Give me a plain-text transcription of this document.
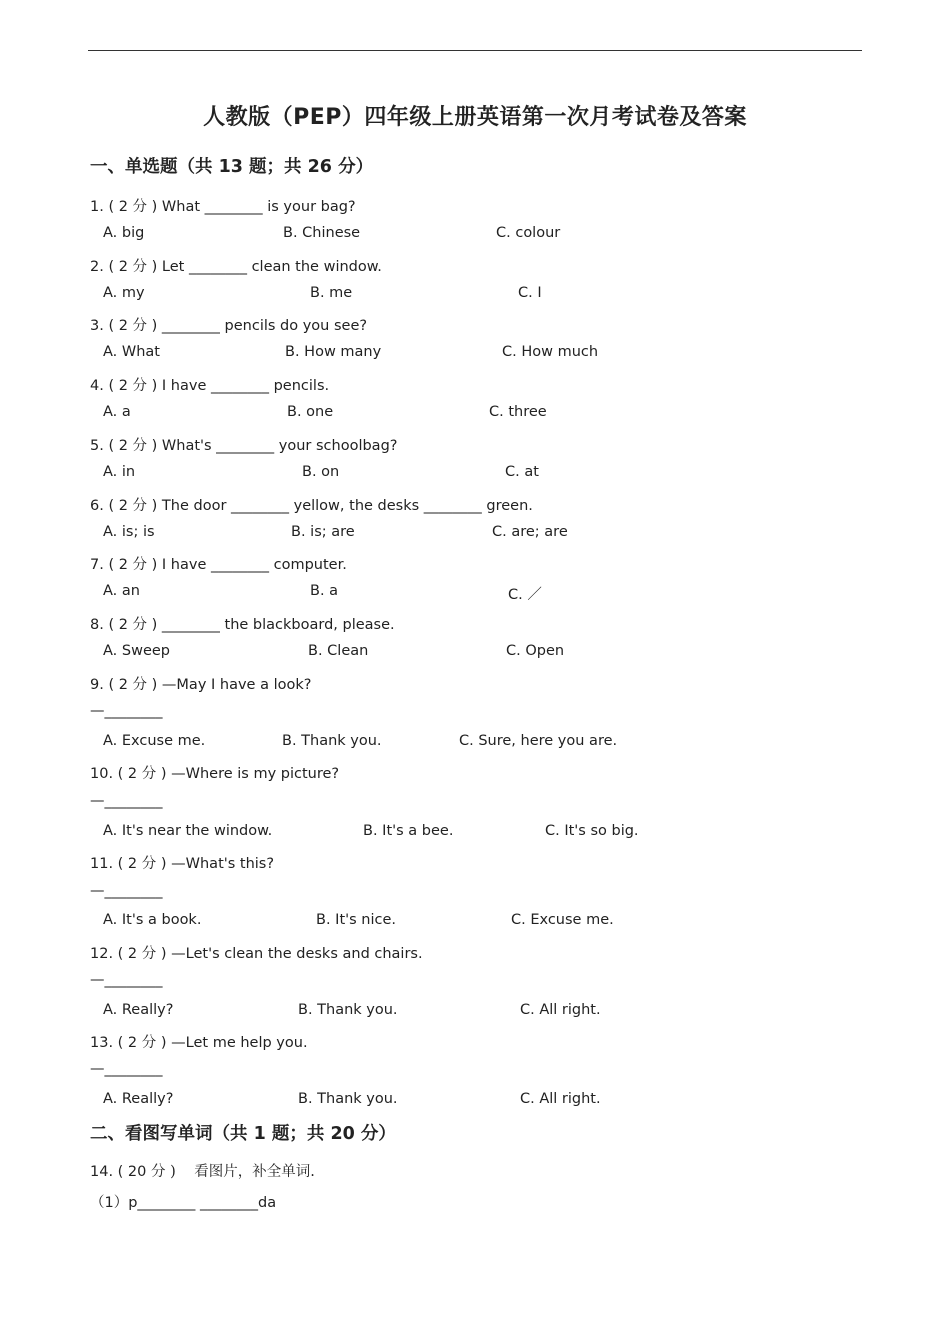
人教版（PEP）四年级上册英语第一次月考试卷及答案
一、单选题（共 13 题；共 26 分）
1. ( 2 分 ) What ________ is your bag?
A. big	B. Chinese	C. colour
2. ( 2 分 ) Let ________ clean the window.
A. my	B. me	C. I
3. ( 2 分 ) ________ pencils do you see?
A. What	B. How many	C. How much
4. ( 2 分 ) I have ________ pencils.
A. a	B. one	C. three
5. ( 2 分 ) What's ________ your schoolbag?
A. in	B. on	C. at
6. ( 2 分 ) The door ________ yellow, the desks ________ green.
A. is; is	B. is; are	C. are; are
7. ( 2 分 ) I have ________ computer.
A. an	B. a	C. ／
8. ( 2 分 ) ________ the blackboard, please.
A. Sweep	B. Clean	C. Open
9. ( 2 分 ) —May I have a look?
—________
A. Excuse me.	B. Thank you.	C. Sure, here you are.
10. ( 2 分 ) —Where is my picture?
—________
A. It's near the window.	B. It's a bee.	C. It's so big.
11. ( 2 分 ) —What's this?
—________
A. It's a book.	B. It's nice.	C. Excuse me.
12. ( 2 分 ) —Let's clean the desks and chairs.
—________
A. Really?	B. Thank you.	C. All right.
13. ( 2 分 ) —Let me help you.
—________
A. Really?	B. Thank you.	C. All right.
二、看图写单词（共 1 题；共 20 分）
14. ( 20 分 )    看图片，补全单词.
（1）p________ ________da
